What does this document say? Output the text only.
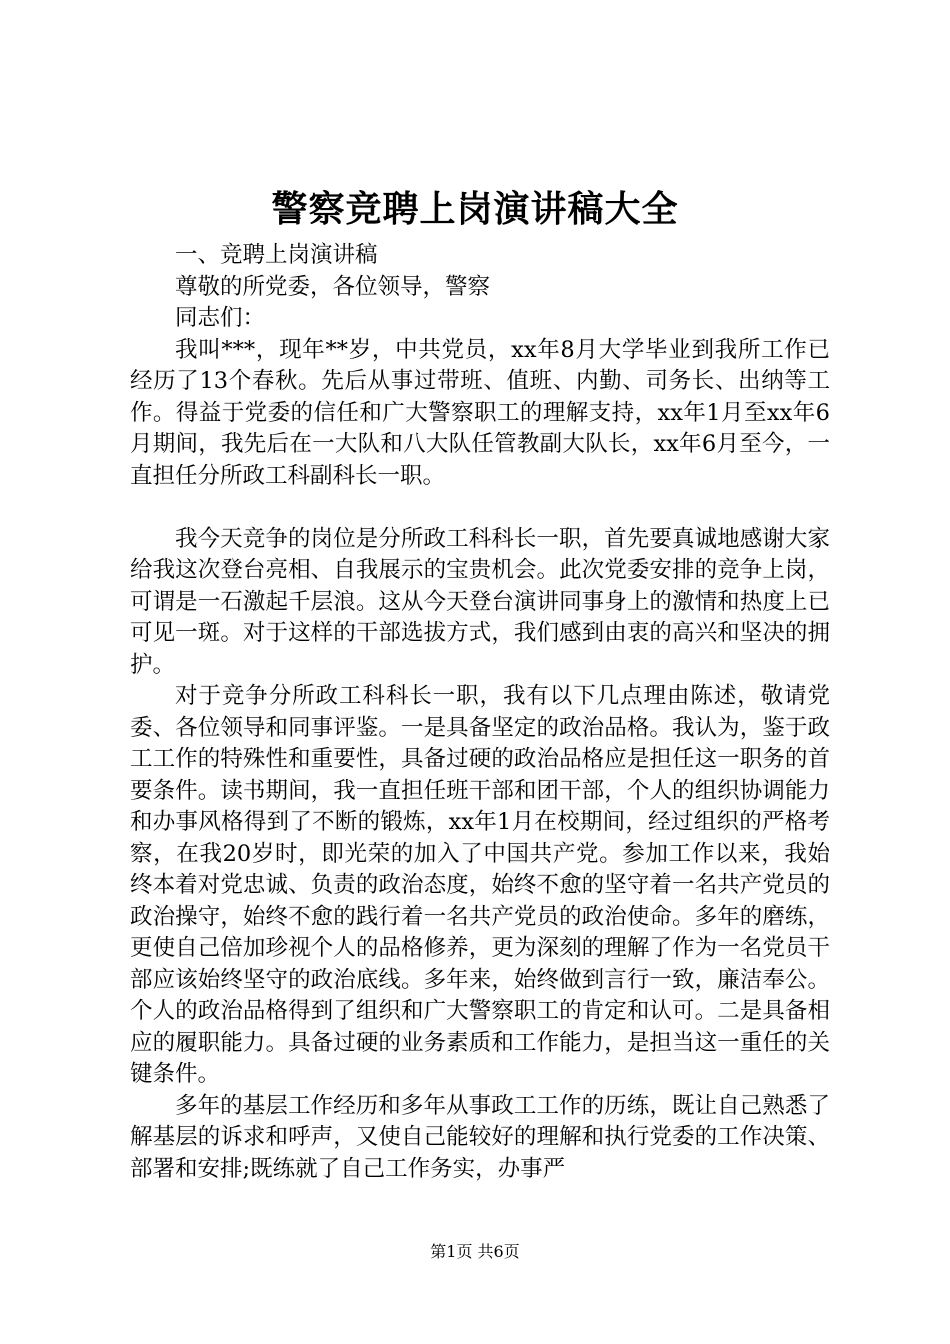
警察竞聘上岗演讲稿大全

一、竞聘上岗演讲稿

尊敬的所党委，各位领导，警察

同志们：

我叫***，现年**岁，中共党员，xx年8月大学毕业到我所工作已经历了13个春秋。先后从事过带班、值班、内勤、司务长、出纳等工作。得益于党委的信任和广大警察职工的理解支持，xx年1月至xx年6月期间，我先后在一大队和八大队任管教副大队长，xx年6月至今，一直担任分所政工科副科长一职。

我今天竞争的岗位是分所政工科科长一职，首先要真诚地感谢大家给我这次登台亮相、自我展示的宝贵机会。此次党委安排的竞争上岗，可谓是一石激起千层浪。这从今天登台演讲同事身上的激情和热度上已可见一斑。对于这样的干部选拔方式，我们感到由衷的高兴和坚决的拥护。

对于竞争分所政工科科长一职，我有以下几点理由陈述，敬请党委、各位领导和同事评鉴。一是具备坚定的政治品格。我认为，鉴于政工工作的特殊性和重要性，具备过硬的政治品格应是担任这一职务的首要条件。读书期间，我一直担任班干部和团干部，个人的组织协调能力和办事风格得到了不断的锻炼，xx年1月在校期间，经过组织的严格考察，在我20岁时，即光荣的加入了中国共产党。参加工作以来，我始终本着对党忠诚、负责的政治态度，始终不愈的坚守着一名共产党员的政治操守，始终不愈的践行着一名共产党员的政治使命。多年的磨练，更使自己倍加珍视个人的品格修养，更为深刻的理解了作为一名党员干部应该始终坚守的政治底线。多年来，始终做到言行一致，廉洁奉公。个人的政治品格得到了组织和广大警察职工的肯定和认可。二是具备相应的履职能力。具备过硬的业务素质和工作能力，是担当这一重任的关键条件。

多年的基层工作经历和多年从事政工工作的历练，既让自己熟悉了解基层的诉求和呼声，又使自己能较好的理解和执行党委的工作决策、部署和安排;既练就了自己工作务实，办事严

第1页 共6页
